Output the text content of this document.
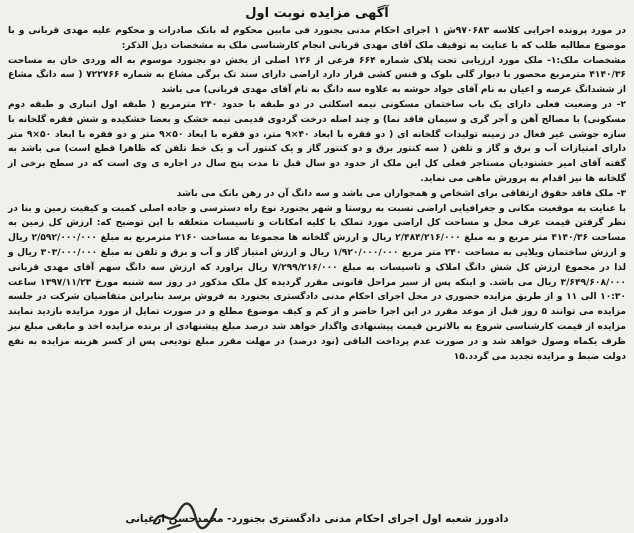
آگهی مزایده نوبت اول

در مورد پرونده اجرایی کلاسه ۹۷۰۶۸۳ش ۱ اجرای احکام مدنی بجنورد فی مابین محکوم له بانک صادرات و محکوم علیه مهدی قربانی و با موضوع مطالبه طلب که با عنایت به توقیف ملک آقای مهدی قربانی انجام کارشناسی ملک به مشخصات ذیل الذکر:

مشخصات ملک:۱- ملک مورد ارزیابی تحت پلاک شماره ۶۶۴ فرعی از ۱۲۶ اصلی از بخش دو بجنورد موسوم به اله وردی خان به مساحت ۴۱۴۰/۳۶ مترمربع محصور با دیوار گلی بلوک و فنس کشی قرار دارد اراضی دارای سند تک برگی مشاع به شماره ۷۲۲۷۶۶ ( سه دانگ مشاع از ششدانگ عرصه و اعیان به نام آقای جواد حوشه به علاوه سه دانگ به نام آقای مهدی قربانی) می باشد

۲- در وضعیت فعلی دارای یک باب ساختمان مسکونی نیمه اسکلتی در دو طبقه با حدود ۲۴۰ مترمربع ( طبقه اول انباری و طبقه دوم مسکونی) با مصالح آهن و آجر گری و سیمان فاقد نما) و چند اصله درخت گردوی قدیمی نیمه خشک و بعضا خشکیده و شش فقره گلخانه با سازه جوشی غیر فعال در زمینه تولیدات گلخانه ای ( دو فقره با ابعاد ۴۰×۹ متر، دو فقره با ابعاد ۵۰×۹ متر و دو فقره با ابعاد ۵۰×۹ متر دارای امتیازات آب و برق و گاز و تلفن ( سه کنتور برق و دو کنتور گاز و یک کنتور آب و یک خط تلفن که ظاهرا قطع است) می باشد به گفته آقای امیر خشنودیان مستاجر فعلی کل این ملک از حدود دو سال قبل تا مدت پنج سال در اجاره ی وی است که در سطح برخی از گلخانه ها نیز اقدام به پرورش ماهی می نماید.

۳- ملک فاقد حقوق ارتفاقی برای اشخاص و همجواران می باشد و سه دانگ آن در رهن بانک می باشد

با عنایت به موقعیت مکانی و جغرافیایی اراضی نسبت به روستا و شهر بجنورد نوع راه دسترسی و جاده اصلی کمیت و کیفیت زمین و بنا در نظر گرفتن قیمت عرف محل و مساحت کل اراضی مورد تملک با کلیه امکانات و تاسیسات متعلقه با این توضیح که: ارزش کل زمین به مساحت ۴۱۴۰/۳۶ متر مربع و به مبلغ ۲/۴۸۴/۲۱۶/۰۰۰ ریال و ارزش گلخانه ها مجموعا به مساحت ۲۱۶۰ مترمربع به مبلغ ۲/۵۹۲/۰۰۰/۰۰۰ ریال و ارزش ساختمان ویلایی به مساحت ۲۴۰ متر مربع ۱/۹۲۰/۰۰۰/۰۰۰ ریال و ارزش امتیاز گاز و آب و برق و تلفن به مبلغ ۳۰۳/۰۰۰/۰۰۰ ریال و لذا در مجموع ارزش کل شش دانگ املاک و تاسیسات به مبلغ ۷/۲۹۹/۲۱۶/۰۰۰ ریال براورد که ارزش سه دانگ سهم آقای مهدی قربانی ۳/۶۴۹/۶۰۸/۰۰۰ ریال می باشد. و اینکه پس از سیر مراحل قانونی مقرر گردیده کل ملک مذکور در روز سه شنبه مورخ ۱۳۹۷/۱۱/۲۳ ساعت ۱۰:۳۰ الی ۱۱ و از طریق مزایده حضوری در محل اجرای احکام مدنی دادگستری بجنورد به فروش برسد بنابراین متقاضیان شرکت در جلسه مزایده می توانند ۵ روز قبل از موعد مقرر در این اجرا حاضر و از کم و کیف موضوع مطلع و در صورت تمایل از مورد مزایده بازدید نمایند مزایده از قیمت کارشناسی شروع به بالاترین قیمت پیشنهادی واگذار خواهد شد درصد مبلغ پیشنهادی از برنده مزایده اخذ و مابقی مبلغ نیز ظرف یکماه وصول خواهد شد و در صورت عدم پرداخت الباقی (نود درصد) در مهلت مقرر مبلغ تودیعی پس از کسر هزینه مزایده به نفع دولت ضبط و مزایده تجدید می گردد.۱۵

دادورز شعبه اول اجرای احکام مدنی دادگستری بجنورد- محمدحسن ارغیانی
